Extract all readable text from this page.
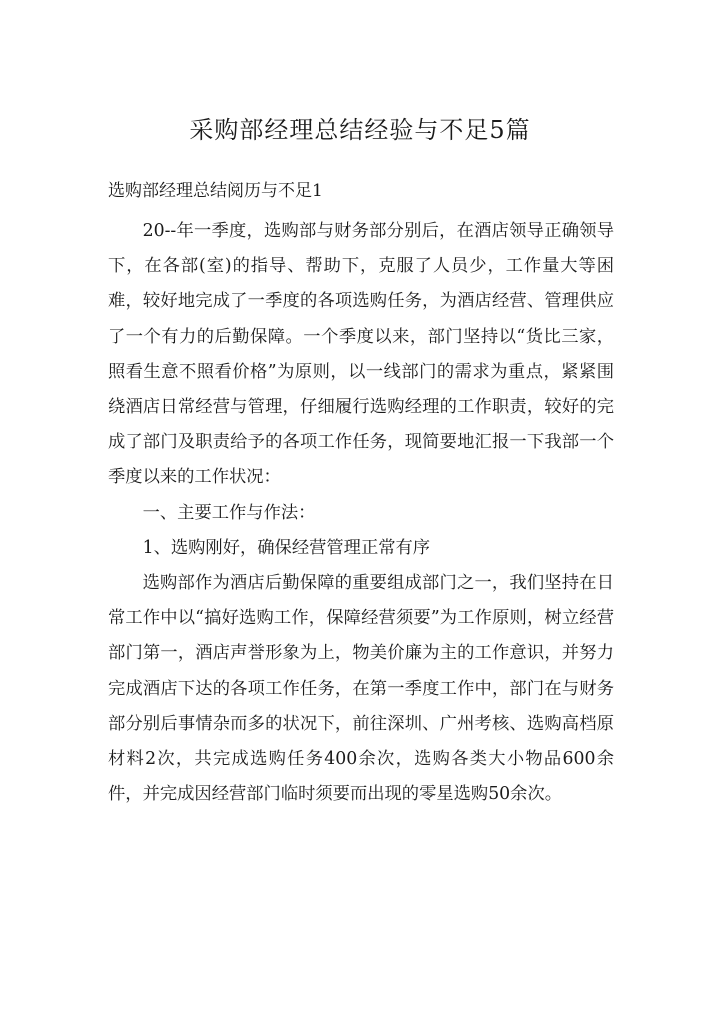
采购部经理总结经验与不足5篇

选购部经理总结阅历与不足1

20--年一季度，选购部与财务部分别后，在酒店领导正确领导下，在各部(室)的指导、帮助下，克服了人员少，工作量大等困难，较好地完成了一季度的各项选购任务，为酒店经营、管理供应了一个有力的后勤保障。一个季度以来，部门坚持以“货比三家，照看生意不照看价格”为原则，以一线部门的需求为重点，紧紧围绕酒店日常经营与管理，仔细履行选购经理的工作职责，较好的完成了部门及职责给予的各项工作任务，现简要地汇报一下我部一个季度以来的工作状况：

一、主要工作与作法：

1、选购刚好，确保经营管理正常有序

选购部作为酒店后勤保障的重要组成部门之一，我们坚持在日常工作中以“搞好选购工作，保障经营须要”为工作原则，树立经营部门第一，酒店声誉形象为上，物美价廉为主的工作意识，并努力完成酒店下达的各项工作任务，在第一季度工作中，部门在与财务部分别后事情杂而多的状况下，前往深圳、广州考核、选购高档原材料2次，共完成选购任务400余次，选购各类大小物品600余件，并完成因经营部门临时须要而出现的零星选购50余次。
